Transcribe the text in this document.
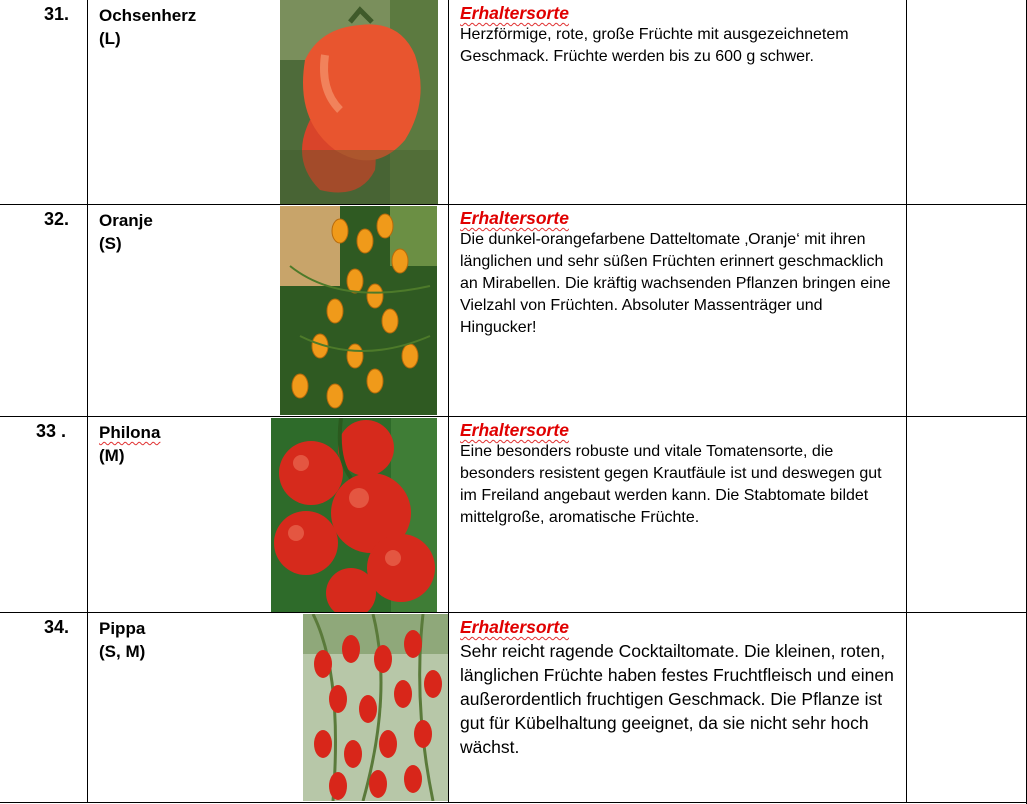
31. Ochsenherz
(L)
Erhaltersorte
Herzförmige, rote, große Früchte mit ausgezeichnetem Geschmack. Früchte werden bis zu 600 g schwer.
32. Oranje
(S)
Erhaltersorte
Die dunkel-orangefarbene Datteltomate ‚Oranje‘ mit ihren länglichen und sehr süßen Früchten erinnert geschmacklich an Mirabellen. Die kräftig wachsenden Pflanzen bringen eine Vielzahl von Früchten. Absoluter Massenträger und Hingucker!
33 . Philona
(M)
Erhaltersorte
Eine besonders robuste und vitale Tomatensorte, die besonders resistent gegen Krautfäule ist und deswegen gut im Freiland angebaut werden kann. Die Stabtomate bildet mittelgroße, aromatische Früchte.
34. Pippa
(S, M)
Erhaltersorte
Sehr reicht ragende Cocktailtomate. Die kleinen, roten, länglichen Früchte haben festes Fruchtfleisch und einen außerordentlich fruchtigen Geschmack. Die Pflanze ist gut für Kübelhaltung geeignet, da sie nicht sehr hoch wächst.
